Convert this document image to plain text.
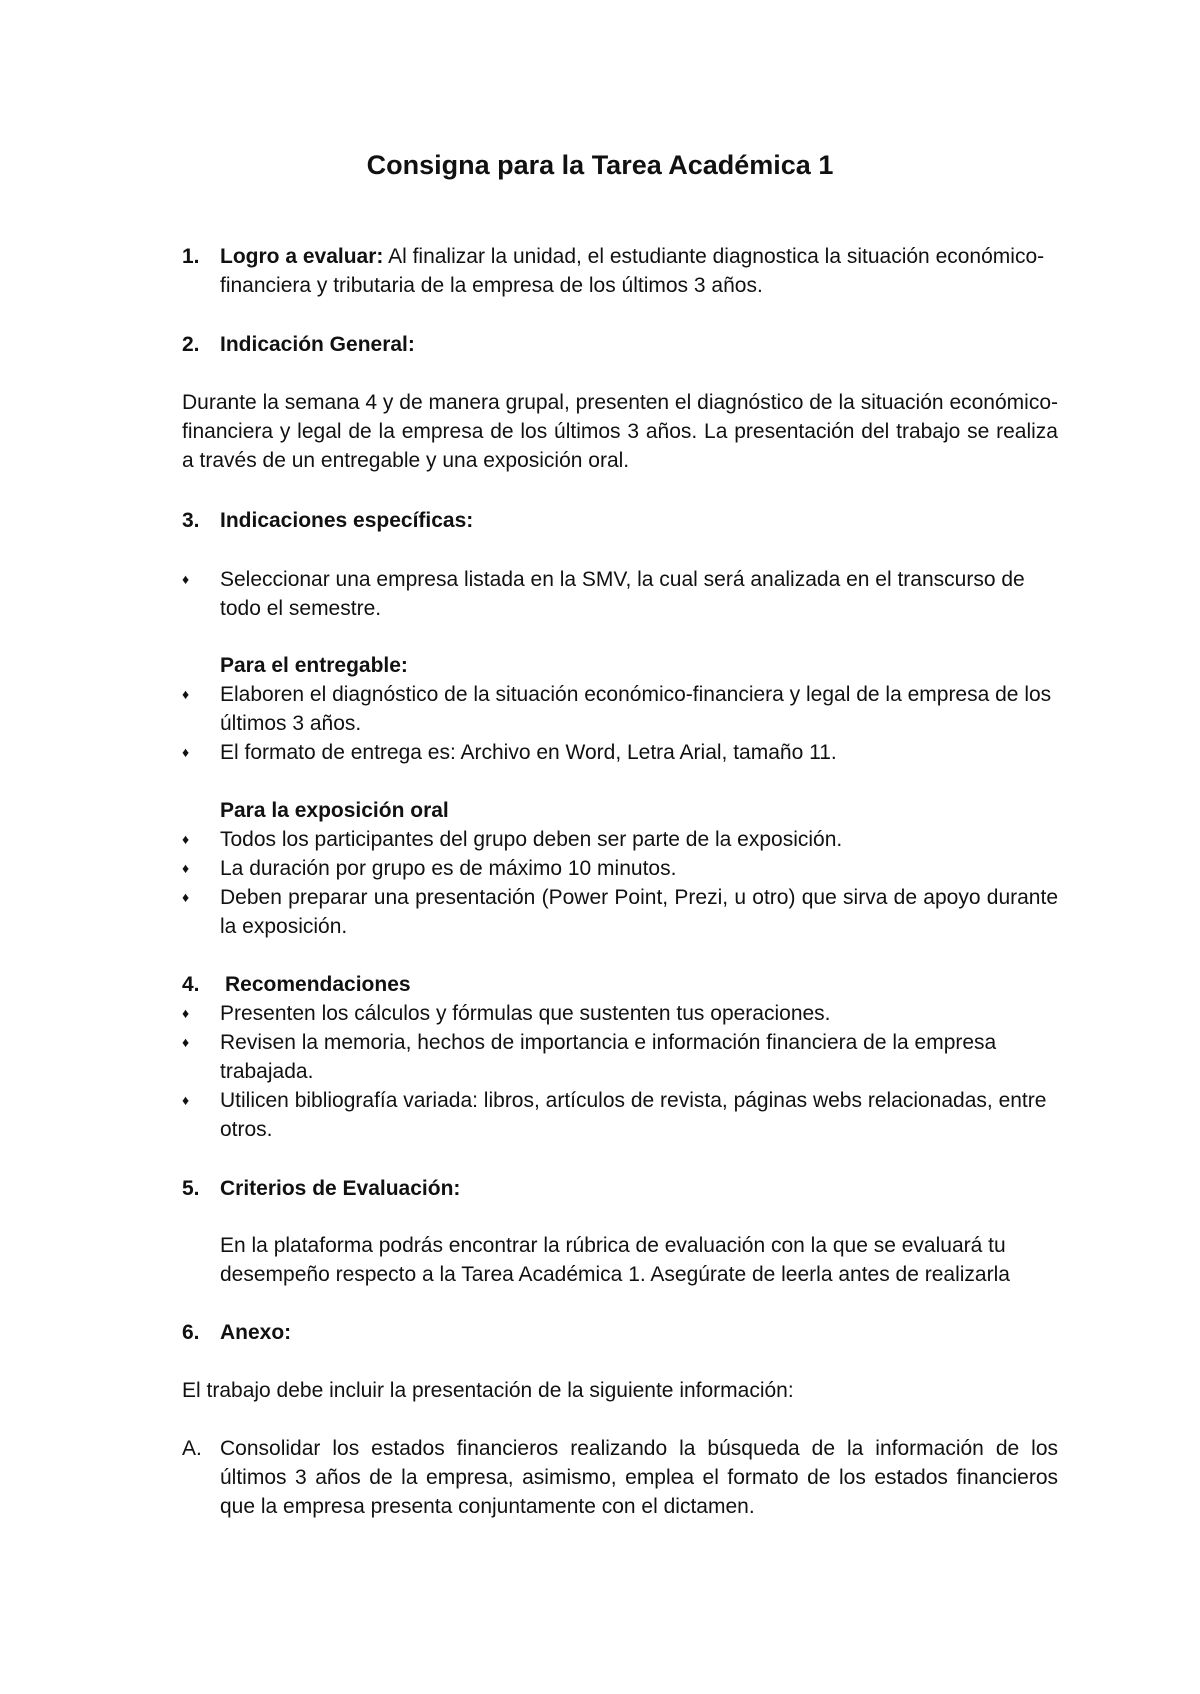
Consigna para la Tarea Académica 1
1. Logro a evaluar: Al finalizar la unidad, el estudiante diagnostica la situación económico-financiera y tributaria de la empresa de los últimos 3 años.
2. Indicación General:
Durante la semana 4 y de manera grupal, presenten el diagnóstico de la situación económico-financiera y legal de la empresa de los últimos 3 años. La presentación del trabajo se realiza a través de un entregable y una exposición oral.
3. Indicaciones específicas:
♦	Seleccionar una empresa listada en la SMV, la cual será analizada en el transcurso de todo el semestre.
Para el entregable:
♦	Elaboren el diagnóstico de la situación económico-financiera y legal de la empresa de los últimos 3 años.
♦	El formato de entrega es: Archivo en Word, Letra Arial, tamaño 11.
Para la exposición oral
♦	Todos los participantes del grupo deben ser parte de la exposición.
♦	La duración por grupo es de máximo 10 minutos.
♦	Deben preparar una presentación (Power Point, Prezi, u otro) que sirva de apoyo durante la exposición.
4.	Recomendaciones
♦	Presenten los cálculos y fórmulas que sustenten tus operaciones.
♦	Revisen la memoria, hechos de importancia e información financiera de la empresa trabajada.
♦	Utilicen bibliografía variada: libros, artículos de revista, páginas webs relacionadas, entre otros.
5. Criterios de Evaluación:
En la plataforma podrás encontrar la rúbrica de evaluación con la que se evaluará tu desempeño respecto a la Tarea Académica 1. Asegúrate de leerla antes de realizarla
6. Anexo:
El trabajo debe incluir la presentación de la siguiente información:
A. Consolidar los estados financieros realizando la búsqueda de la información de los últimos 3 años de la empresa, asimismo, emplea el formato de los estados financieros que la empresa presenta conjuntamente con el dictamen.
